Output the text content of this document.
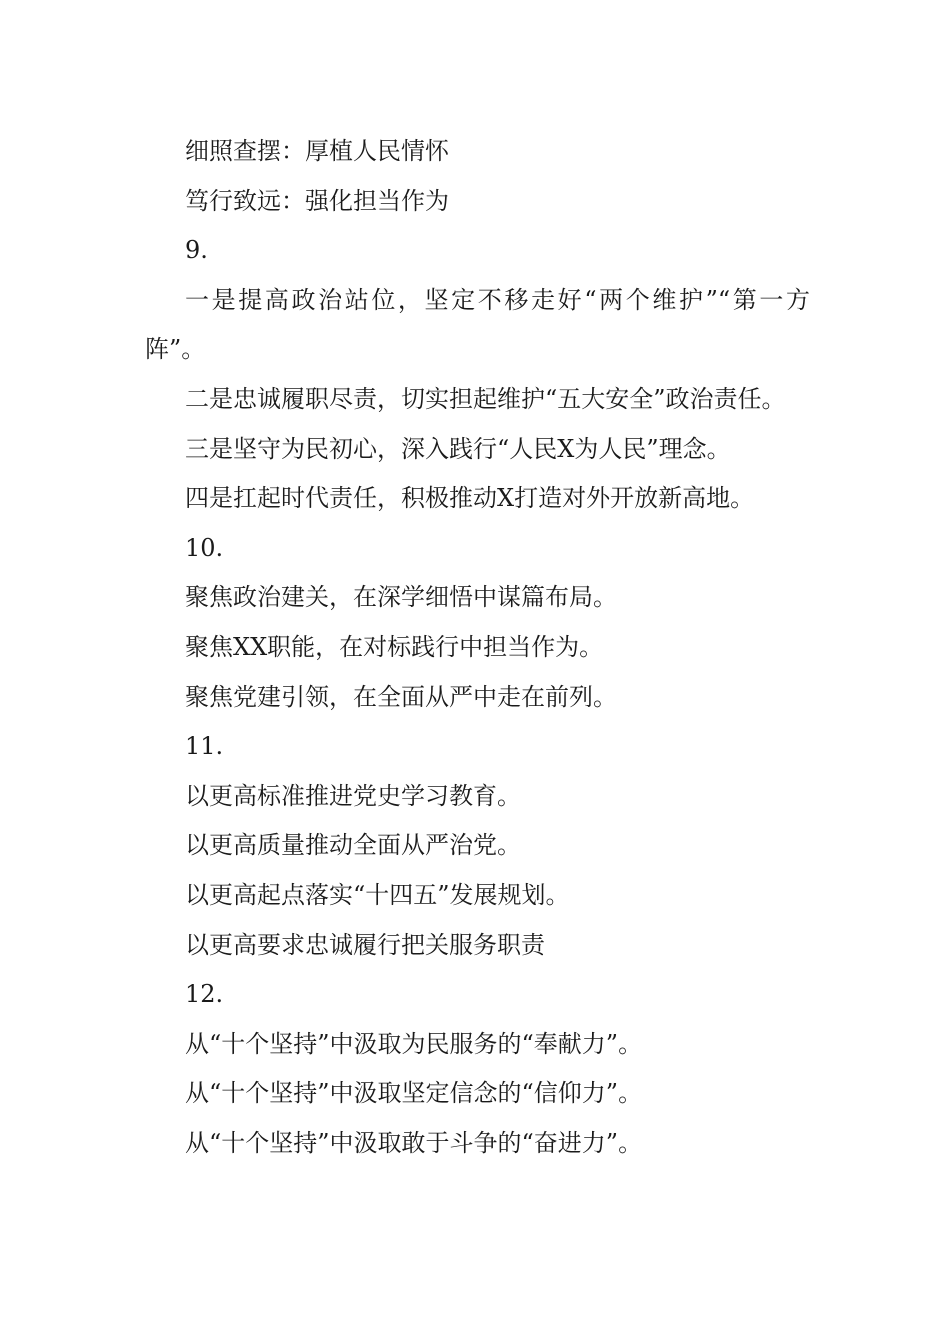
细照查摆：厚植人民情怀
笃行致远：强化担当作为
9.
一是提高政治站位，坚定不移走好“两个维护”“第一方阵”。
二是忠诚履职尽责，切实担起维护“五大安全”政治责任。
三是坚守为民初心，深入践行“人民X为人民”理念。
四是扛起时代责任，积极推动X打造对外开放新高地。
10.
聚焦政治建关，在深学细悟中谋篇布局。
聚焦XX职能，在对标践行中担当作为。
聚焦党建引领，在全面从严中走在前列。
11.
以更高标准推进党史学习教育。
以更高质量推动全面从严治党。
以更高起点落实“十四五”发展规划。
以更高要求忠诚履行把关服务职责
12.
从“十个坚持”中汲取为民服务的“奉献力”。
从“十个坚持”中汲取坚定信念的“信仰力”。
从“十个坚持”中汲取敢于斗争的“奋进力”。
